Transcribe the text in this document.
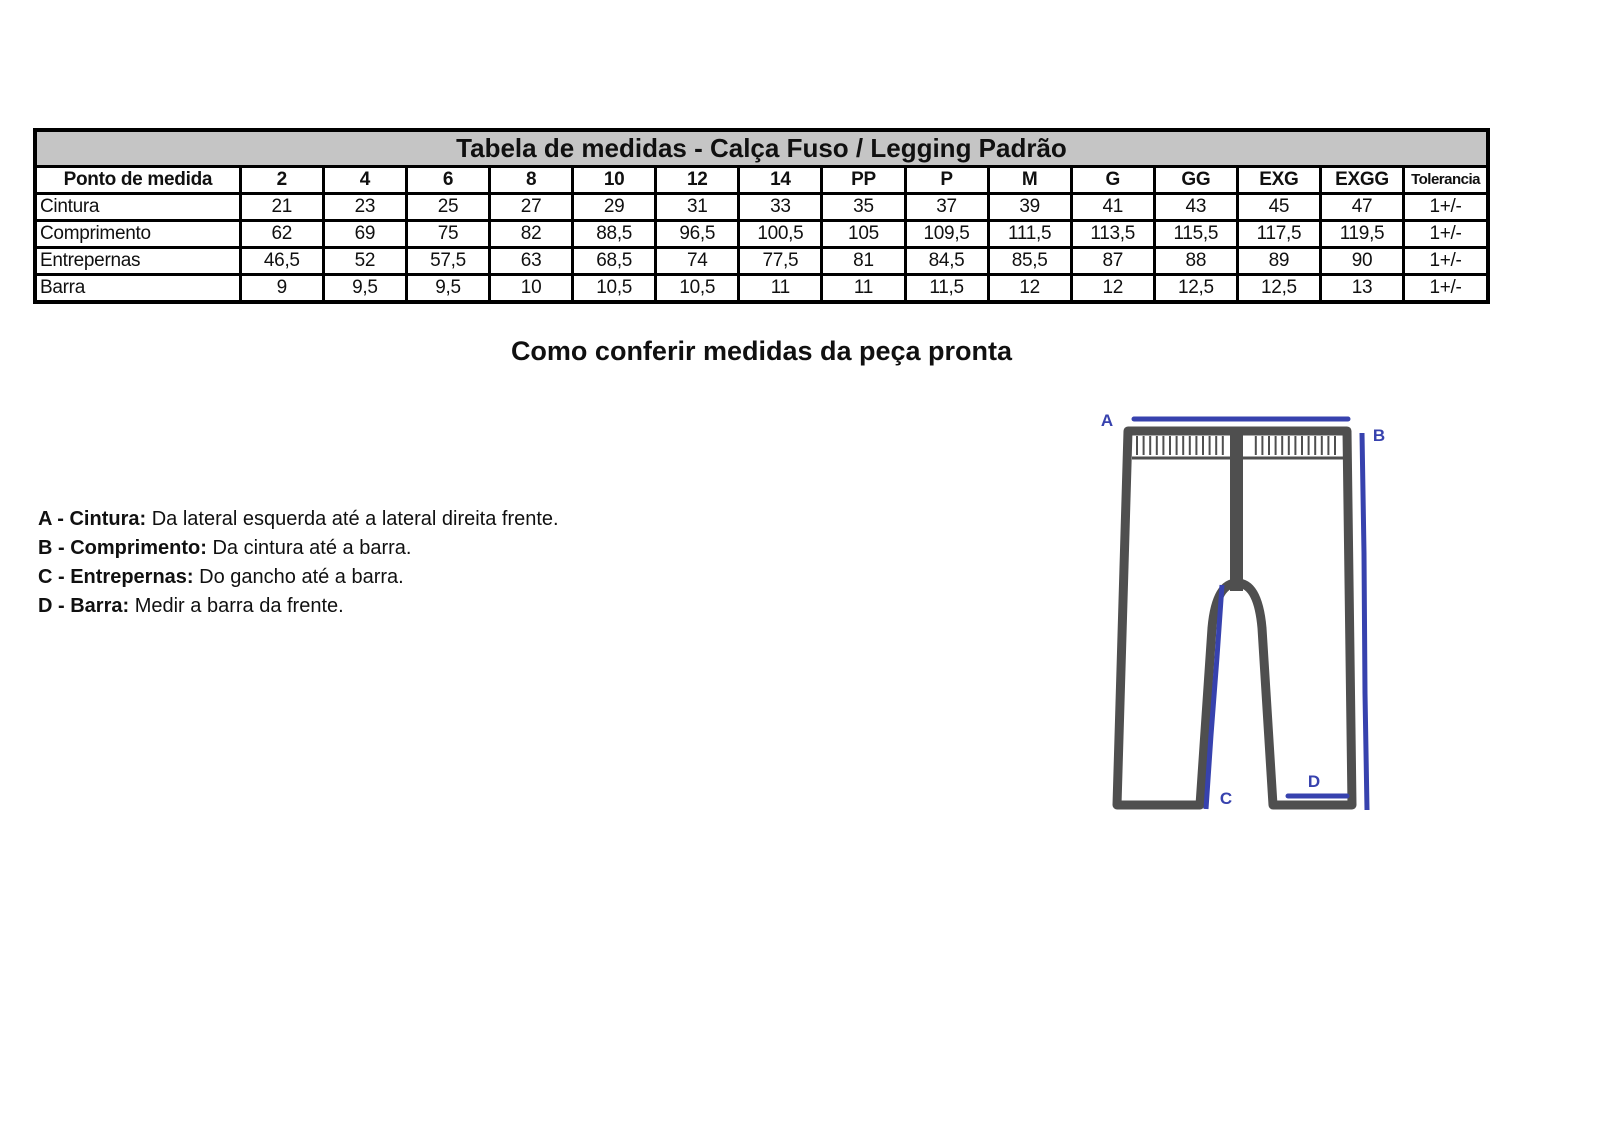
Tabela de medidas - Calça Fuso / Legging Padrão															
Ponto de medida	2	4	6	8	10	12	14	PP	P	M	G	GG	EXG	EXGG	Tolerancia
Cintura	21	23	25	27	29	31	33	35	37	39	41	43	45	47	1+/-
Comprimento	62	69	75	82	88,5	96,5	100,5	105	109,5	111,5	113,5	115,5	117,5	119,5	1+/-
Entrepernas	46,5	52	57,5	63	68,5	74	77,5	81	84,5	85,5	87	88	89	90	1+/-
Barra	9	9,5	9,5	10	10,5	10,5	11	11	11,5	12	12	12,5	12,5	13	1+/-
Como conferir medidas da peça pronta

A - Cintura: Da lateral esquerda até a lateral direita frente.

B - Comprimento: Da cintura até a barra.

C - Entrepernas: Do gancho até a barra.

D - Barra: Medir a barra da frente.

A
B
C
D
